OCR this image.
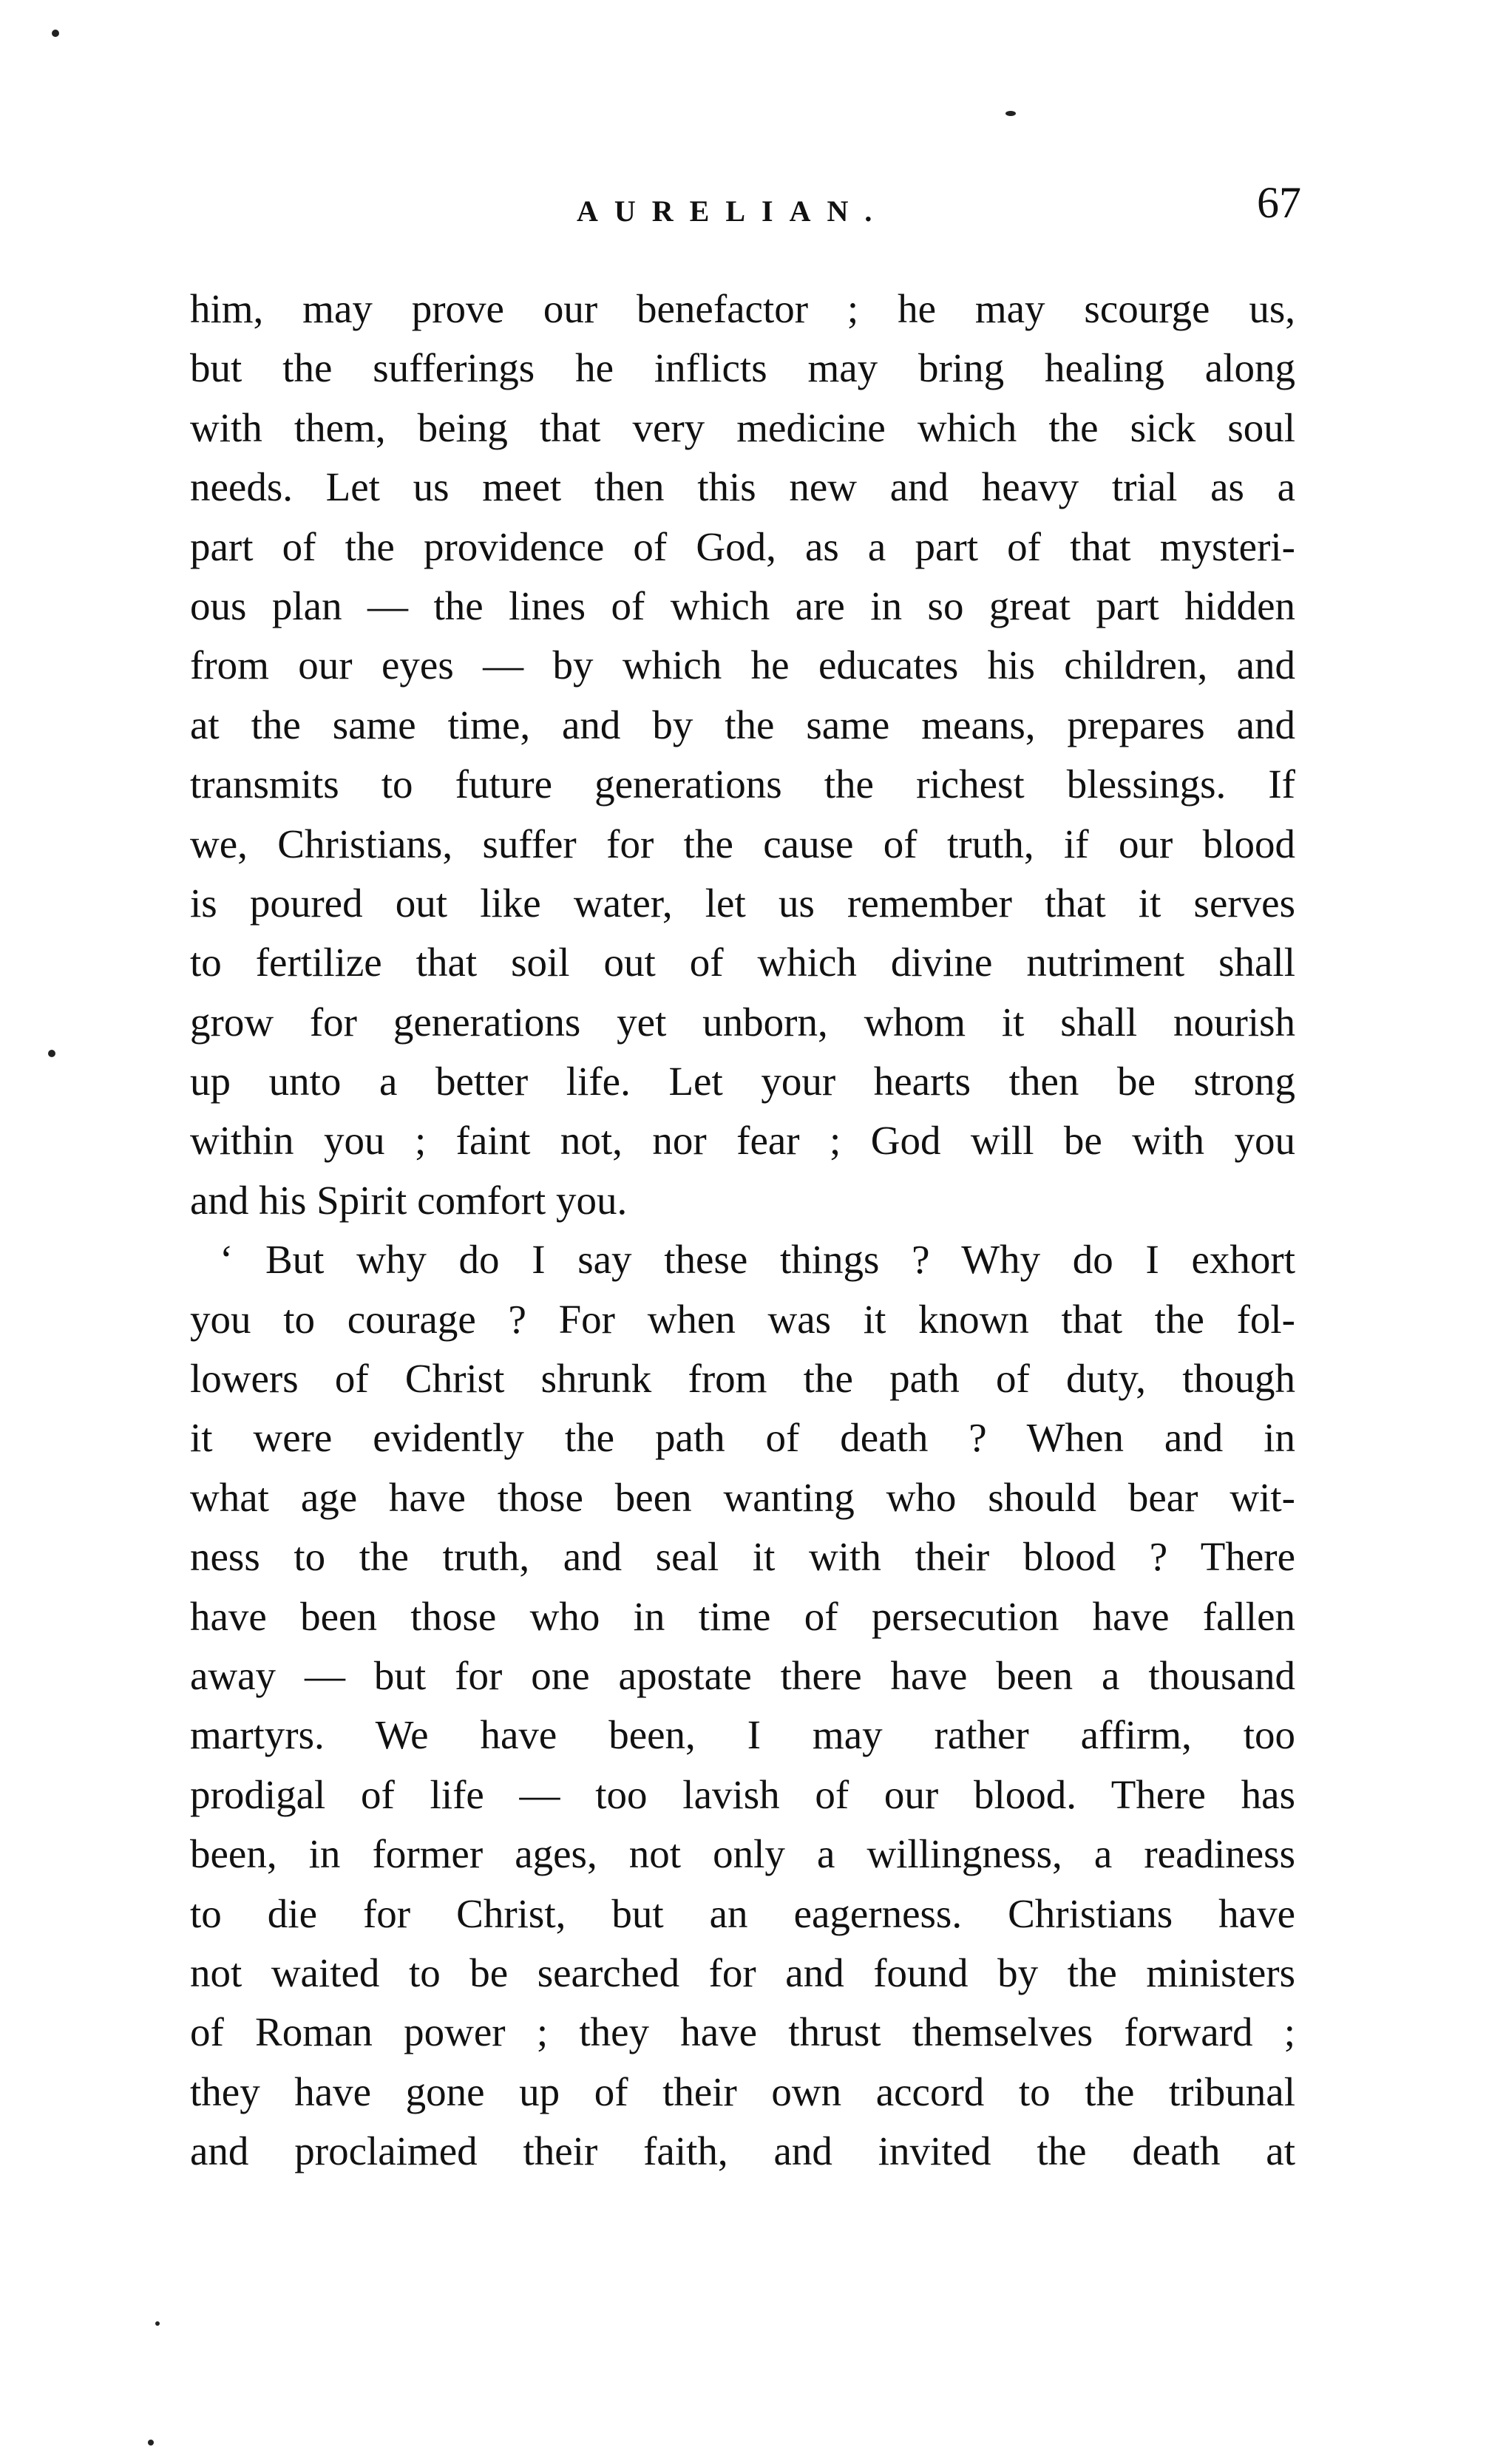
AURELIAN.	67
him, may prove our benefactor ; he may scourge us,
but the sufferings he inflicts may bring healing along
with them, being that very medicine which the sick soul
needs. Let us meet then this new and heavy trial as a
part of the providence of God, as a part of that mysteri-
ous plan — the lines of which are in so great part hidden
from our eyes — by which he educates his children, and
at the same time, and by the same means, prepares and
transmits to future generations the richest blessings. If
we, Christians, suffer for the cause of truth, if our blood
is poured out like water, let us remember that it serves
to fertilize that soil out of which divine nutriment shall
grow for generations yet unborn, whom it shall nourish
up unto a better life. Let your hearts then be strong
within you ; faint not, nor fear ; God will be with you
and his Spirit comfort you.
‘ But why do I say these things ? Why do I exhort
you to courage ? For when was it known that the fol-
lowers of Christ shrunk from the path of duty, though
it were evidently the path of death ? When and in
what age have those been wanting who should bear wit-
ness to the truth, and seal it with their blood ? There
have been those who in time of persecution have fallen
away — but for one apostate there have been a thousand
martyrs. We have been, I may rather affirm, too
prodigal of life — too lavish of our blood. There has
been, in former ages, not only a willingness, a readiness
to die for Christ, but an eagerness. Christians have
not waited to be searched for and found by the ministers
of Roman power ; they have thrust themselves forward ;
they have gone up of their own accord to the tribunal
and proclaimed their faith, and invited the death at
